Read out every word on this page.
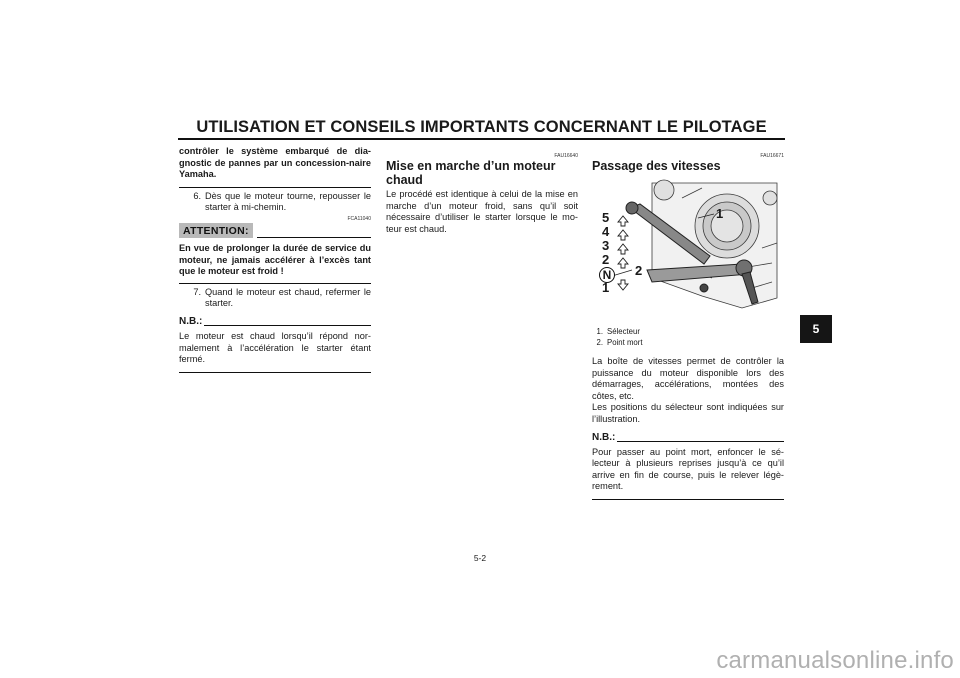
UTILISATION ET CONSEILS IMPORTANTS CONCERNANT LE PILOTAGE
5
contrôler le système embarqué de dia-gnostic de pannes par un concession-naire Yamaha.
6. Dès que le moteur tourne, repousser le starter à mi-chemin.
FCA11040
ATTENTION:
En vue de prolonger la durée de service du moteur, ne jamais accélérer à l’excès tant que le moteur est froid !
7. Quand le moteur est chaud, refermer le starter.
N.B.:
Le moteur est chaud lorsqu’il répond nor-malement à l’accélération le starter étant fermé.
FAU16640
Mise en marche d’un moteur chaud
Le procédé est identique à celui de la mise en marche d’un moteur froid, sans qu’il soit nécessaire d’utiliser le starter lorsque le mo-teur est chaud.
FAU16671
Passage des vitesses
5
4
3
2
N
1
1
2
1. Sélecteur
2. Point mort
La boîte de vitesses permet de contrôler la puissance du moteur disponible lors des démarrages, accélérations, montées des côtes, etc.
Les positions du sélecteur sont indiquées sur l’illustration.
N.B.:
Pour passer au point mort, enfoncer le sé-lecteur à plusieurs reprises jusqu’à ce qu’il arrive en fin de course, puis le relever légè-rement.
5-2
carmanualsonline.info
